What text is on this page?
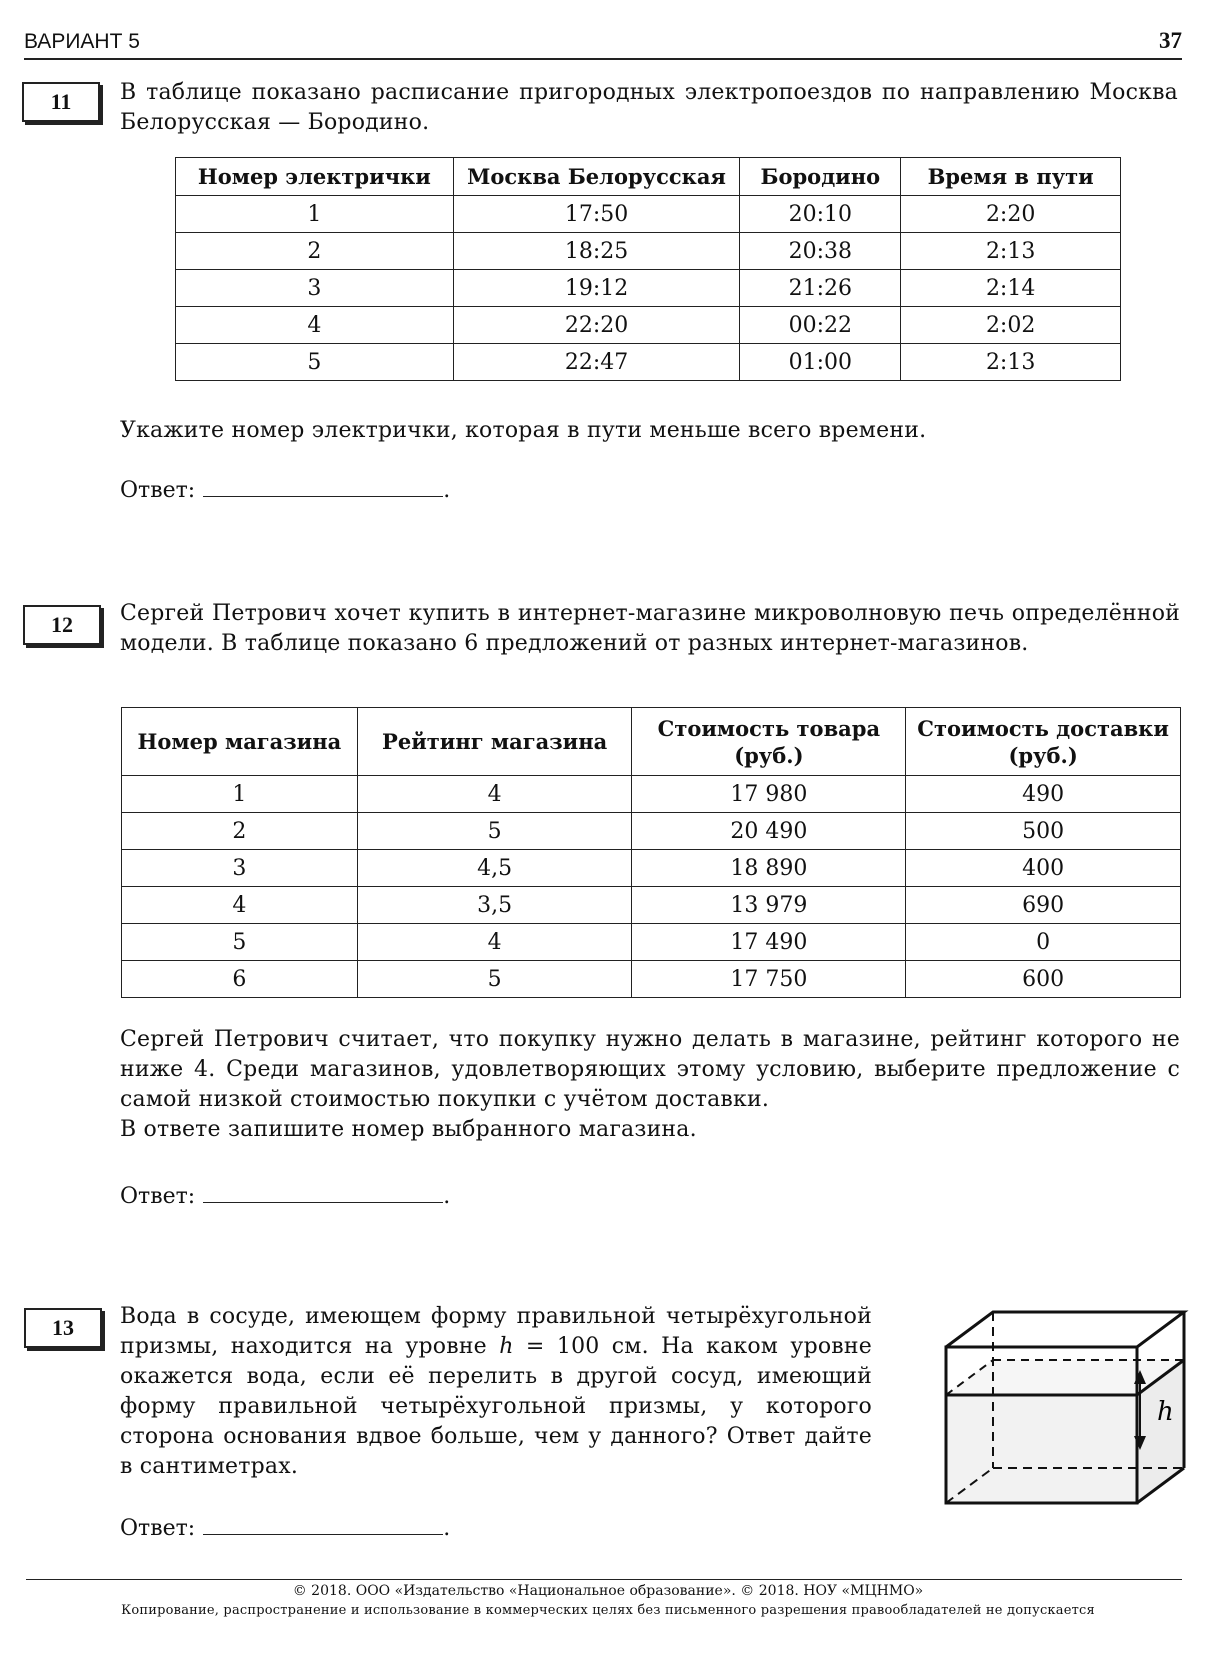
ВАРИАНТ 5	37
11	В таблице показано расписание пригородных электропоездов по направлению Москва Белорусская — Бородино.
Номер электрички	Москва Белорусская	Бородино	Время в пути
1	17:50	20:10	2:20
2	18:25	20:38	2:13
3	19:12	21:26	2:14
4	22:20	00:22	2:02
5	22:47	01:00	2:13
Укажите номер электрички, которая в пути меньше всего времени.
Ответ:	.
12	Сергей Петрович хочет купить в интернет-магазине микроволновую печь определённой модели. В таблице показано 6 предложений от разных интернет-магазинов.
Номер магазина	Рейтинг магазина	Стоимость товара (руб.)	Стоимость доставки (руб.)
1	4	17 980	490
2	5	20 490	500
3	4,5	18 890	400
4	3,5	13 979	690
5	4	17 490	0
6	5	17 750	600
Сергей Петрович считает, что покупку нужно делать в магазине, рейтинг которого не ниже 4. Среди магазинов, удовлетворяющих этому условию, выберите предложение с самой низкой стоимостью покупки с учётом доставки.
В ответе запишите номер выбранного магазина.
Ответ:	.
13	Вода в сосуде, имеющем форму правильной четырёхугольной призмы, находится на уровне h = 100 см. На каком уровне окажется вода, если её перелить в другой сосуд, имеющий форму правильной четырёхугольной призмы, у которого сторона основания вдвое больше, чем у данного? Ответ дайте в сантиметрах.
h
Ответ:	.
© 2018. ООО «Издательство «Национальное образование». © 2018. НОУ «МЦНМО»
Копирование, распространение и использование в коммерческих целях без письменного разрешения правообладателей не допускается
